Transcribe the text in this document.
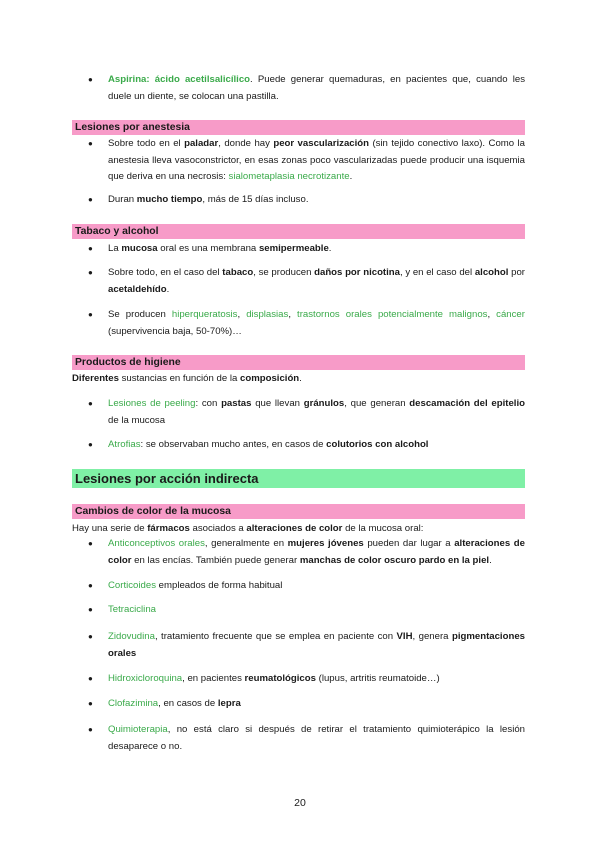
●	Aspirina: ácido acetilsalicílico. Puede generar quemaduras, en pacientes que, cuando les duele un diente, se colocan una pastilla.
Lesiones por anestesia
●	Sobre todo en el paladar, donde hay peor vascularización (sin tejido conectivo laxo). Como la anestesia lleva vasoconstrictor, en esas zonas poco vascularizadas puede producir una isquemia que deriva en una necrosis: sialometaplasia necrotizante.
●	Duran mucho tiempo, más de 15 días incluso.
Tabaco y alcohol
●	La mucosa oral es una membrana semipermeable.
●	Sobre todo, en el caso del tabaco, se producen daños por nicotina, y en el caso del alcohol por acetaldehído.
●	Se producen hiperqueratosis, displasias, trastornos orales potencialmente malignos, cáncer (supervivencia baja, 50-70%)…
Productos de higiene
Diferentes sustancias en función de la composición.
●	Lesiones de peeling: con pastas que llevan gránulos, que generan descamación del epitelio de la mucosa
●	Atrofias: se observaban mucho antes, en casos de colutorios con alcohol
Lesiones por acción indirecta
Cambios de color de la mucosa
Hay una serie de fármacos asociados a alteraciones de color de la mucosa oral:
●	Anticonceptivos orales, generalmente en mujeres jóvenes pueden dar lugar a alteraciones de color en las encías. También puede generar manchas de color oscuro pardo en la piel.
●	Corticoides empleados de forma habitual
●	Tetraciclina
●	Zidovudina, tratamiento frecuente que se emplea en paciente con VIH, genera pigmentaciones orales
●	Hidroxicloroquina, en pacientes reumatológicos (lupus, artritis reumatoide…)
●	Clofazimina, en casos de lepra
●	Quimioterapia, no está claro si después de retirar el tratamiento quimioterápico la lesión desaparece o no.
20
